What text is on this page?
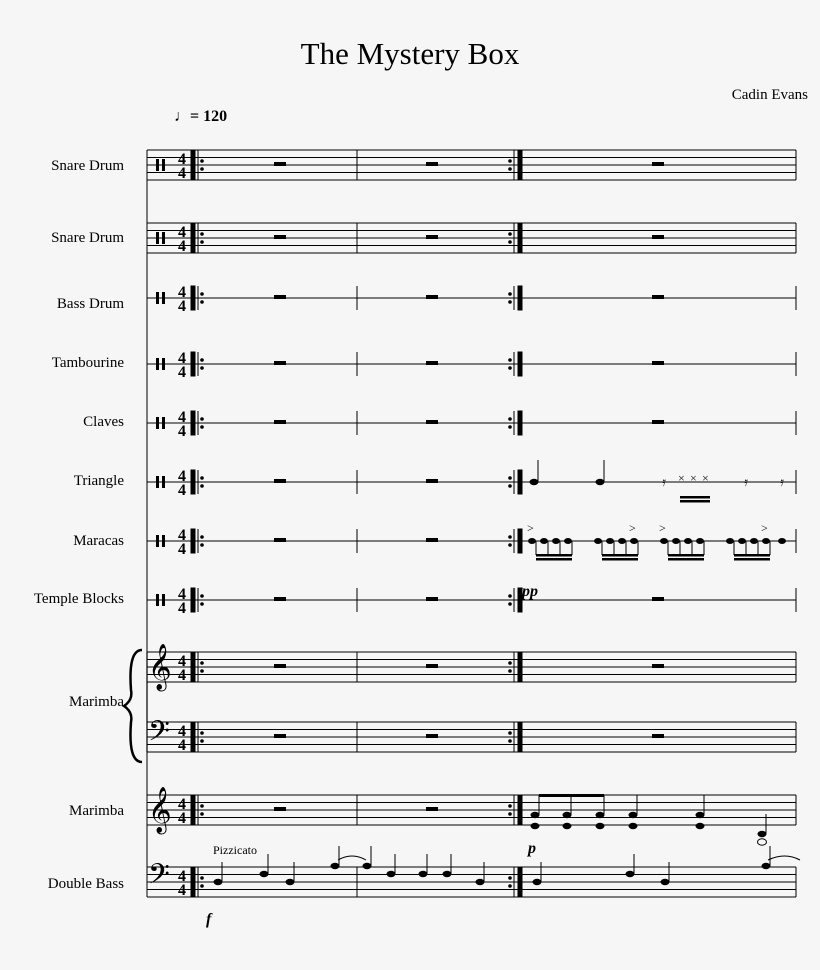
The Mystery Box
Cadin Evans
♩= 120
Snare Drum
Snare Drum
Bass Drum
Tambourine
Claves
Triangle
Maracas
Temple Blocks
Marimba
Marimba
Double Bass
Pizzicato
pp
p
f
4
4
4
4
4
4
4
4
4
4
4
4
4
4
4
4
4
4
4
4
4
4
4
4
× × ×
𝄿	𝄿 𝄿
>	> >	>
𝄞
𝄞
𝄢
𝄢
